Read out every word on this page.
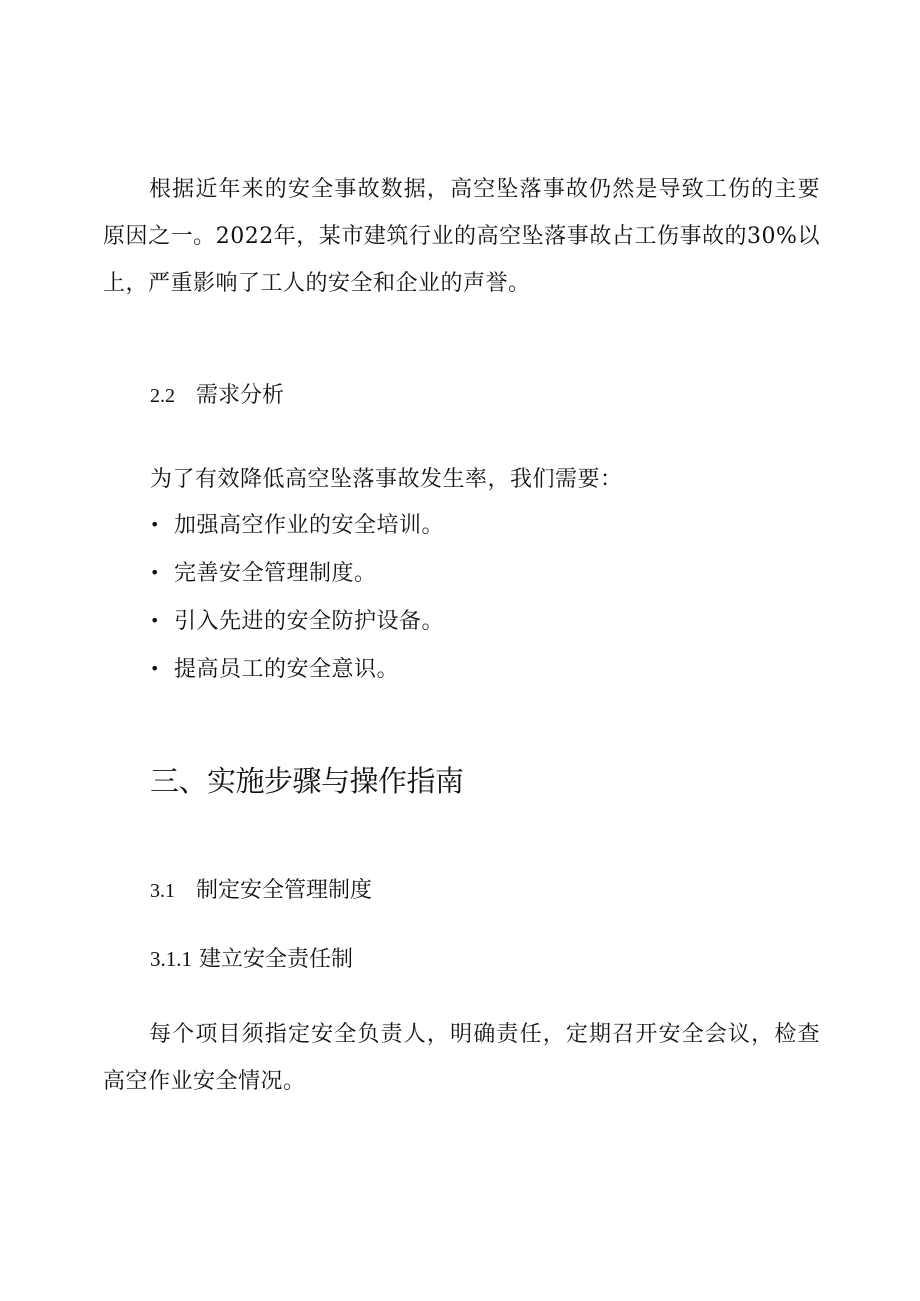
根据近年来的安全事故数据，高空坠落事故仍然是导致工伤的主要原因之一。2022年，某市建筑行业的高空坠落事故占工伤事故的30%以上，严重影响了工人的安全和企业的声誉。

2.2 需求分析
为了有效降低高空坠落事故发生率，我们需要：
• 加强高空作业的安全培训。
• 完善安全管理制度。
• 引入先进的安全防护设备。
• 提高员工的安全意识。
三、实施步骤与操作指南
3.1 制定安全管理制度
3.1.1 建立安全责任制

每个项目须指定安全负责人，明确责任，定期召开安全会议，检查高空作业安全情况。
